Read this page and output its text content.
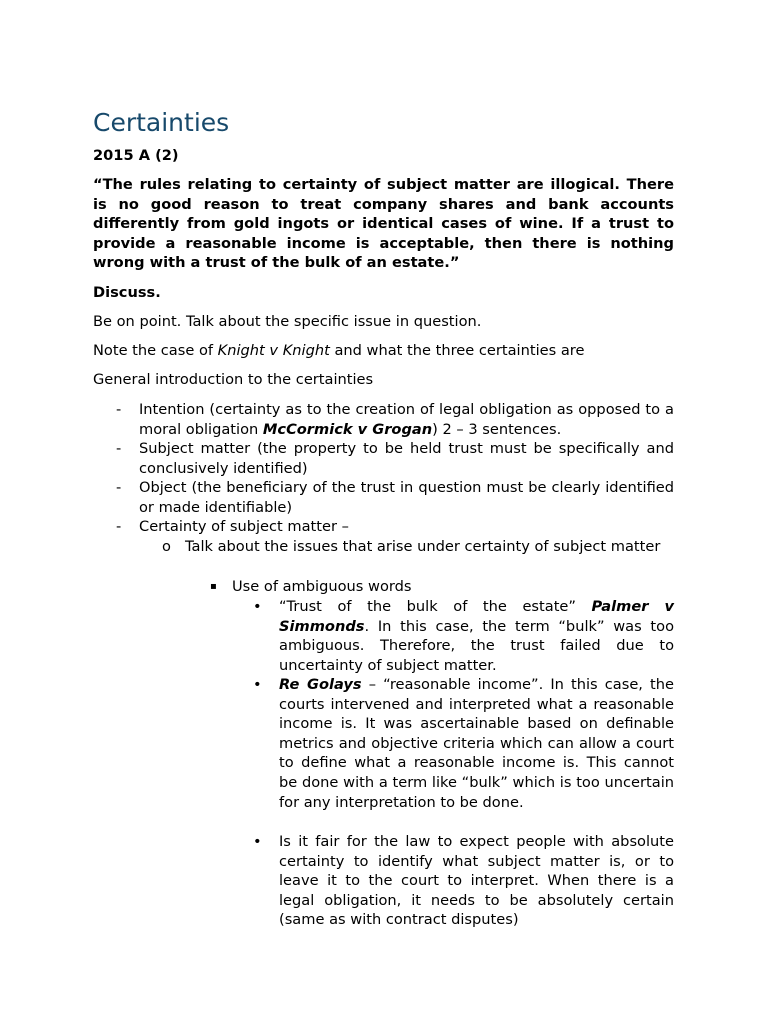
Certainties

2015 A (2)

“The rules relating to certainty of subject matter are illogical. There is no good reason to treat company shares and bank accounts differently from gold ingots or identical cases of wine. If a trust to provide a reasonable income is acceptable, then there is nothing wrong with a trust of the bulk of an estate.”

Discuss.

Be on point. Talk about the specific issue in question.

Note the case of Knight v Knight and what the three certainties are

General introduction to the certainties

- Intention (certainty as to the creation of legal obligation as opposed to a moral obligation McCormick v Grogan) 2 – 3 sentences.

- Subject matter (the property to be held trust must be specifically and conclusively identified)

- Object (the beneficiary of the trust in question must be clearly identified or made identifiable)

- Certainty of subject matter –

o Talk about the issues that arise under certainty of subject matter

▪ Use of ambiguous words

• “Trust of the bulk of the estate” Palmer v Simmonds. In this case, the term “bulk” was too ambiguous. Therefore, the trust failed due to uncertainty of subject matter.

• Re Golays – “reasonable income”. In this case, the courts intervened and interpreted what a reasonable income is. It was ascertainable based on definable metrics and objective criteria which can allow a court to define what a reasonable income is. This cannot be done with a term like “bulk” which is too uncertain for any interpretation to be done.

• Is it fair for the law to expect people with absolute certainty to identify what subject matter is, or to leave it to the court to interpret. When there is a legal obligation, it needs to be absolutely certain (same as with contract disputes)
